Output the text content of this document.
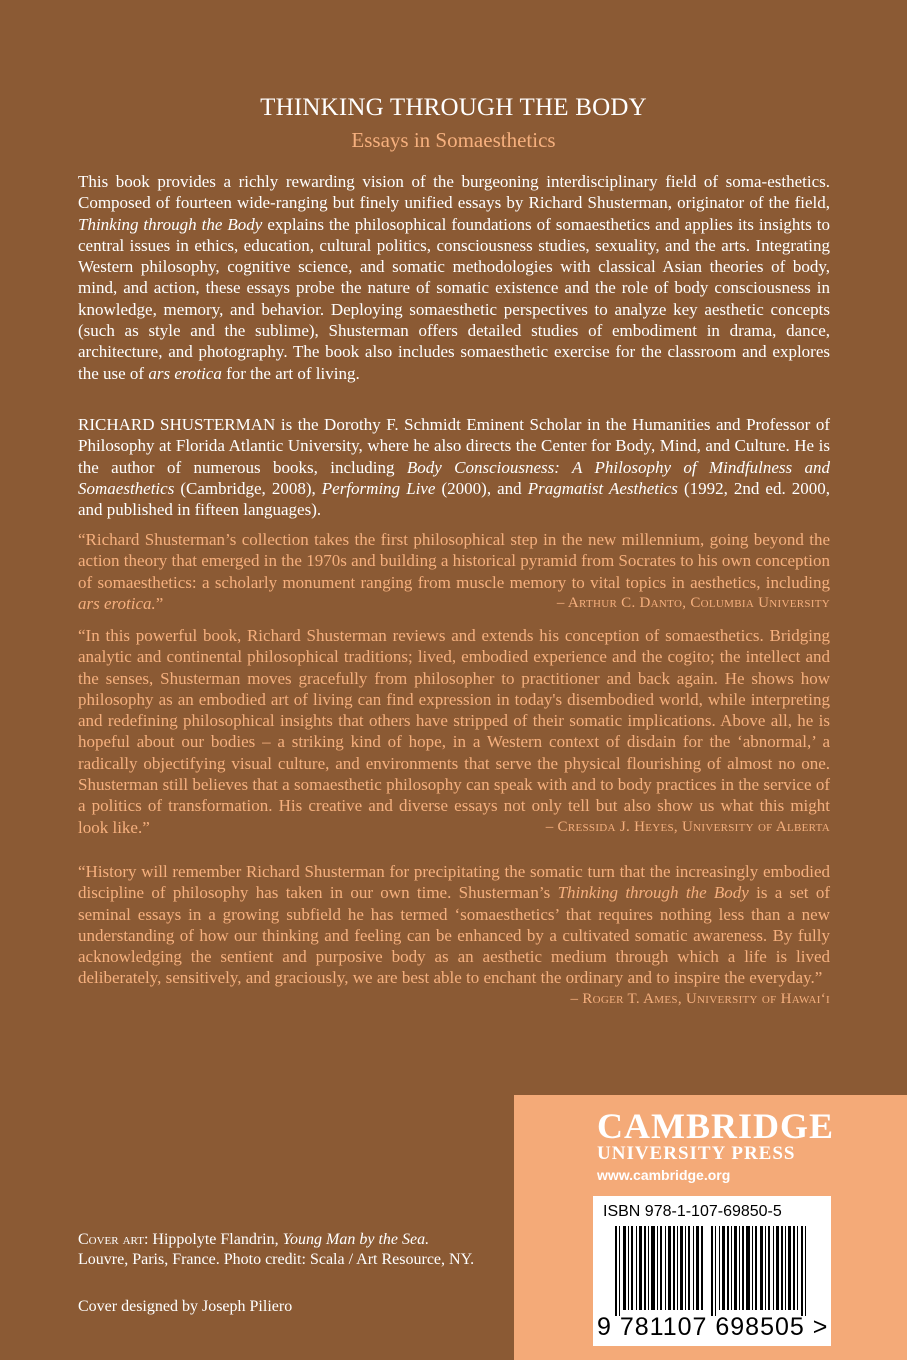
THINKING THROUGH THE BODY
Essays in Somaesthetics

This book provides a richly rewarding vision of the burgeoning interdisciplinary field of soma-esthetics. Composed of fourteen wide-ranging but finely unified essays by Richard Shusterman, originator of the field, Thinking through the Body explains the philosophical foundations of somaesthetics and applies its insights to central issues in ethics, education, cultural politics, consciousness studies, sexuality, and the arts. Integrating Western philosophy, cognitive science, and somatic methodologies with classical Asian theories of body, mind, and action, these essays probe the nature of somatic existence and the role of body consciousness in knowledge, memory, and behavior. Deploying somaesthetic perspectives to analyze key aesthetic concepts (such as style and the sublime), Shusterman offers detailed studies of embodiment in drama, dance, architecture, and photography. The book also includes somaesthetic exercise for the classroom and explores the use of ars erotica for the art of living.

RICHARD SHUSTERMAN is the Dorothy F. Schmidt Eminent Scholar in the Humanities and Professor of Philosophy at Florida Atlantic University, where he also directs the Center for Body, Mind, and Culture. He is the author of numerous books, including Body Consciousness: A Philosophy of Mindfulness and Somaesthetics (Cambridge, 2008), Performing Live (2000), and Pragmatist Aesthetics (1992, 2nd ed. 2000, and published in fifteen languages).

“Richard Shusterman’s collection takes the first philosophical step in the new millennium, going beyond the action theory that emerged in the 1970s and building a historical pyramid from Socrates to his own conception of somaesthetics: a scholarly monument ranging from muscle memory to vital topics in aesthetics, including ars erotica.”	– Arthur C. Danto, Columbia University

“In this powerful book, Richard Shusterman reviews and extends his conception of somaesthetics. Bridging analytic and continental philosophical traditions; lived, embodied experience and the cogito; the intellect and the senses, Shusterman moves gracefully from philosopher to practitioner and back again. He shows how philosophy as an embodied art of living can find expression in today's disembodied world, while interpreting and redefining philosophical insights that others have stripped of their somatic implications. Above all, he is hopeful about our bodies – a striking kind of hope, in a Western context of disdain for the ‘abnormal,’ a radically objectifying visual culture, and environments that serve the physical flourishing of almost no one. Shusterman still believes that a somaesthetic philosophy can speak with and to body practices in the service of a politics of transformation. His creative and diverse essays not only tell but also show us what this might look like.”	– Cressida J. Heyes, University of Alberta

“History will remember Richard Shusterman for precipitating the somatic turn that the increasingly embodied discipline of philosophy has taken in our own time. Shusterman’s Thinking through the Body is a set of seminal essays in a growing subfield he has termed ‘somaesthetics’ that requires nothing less than a new understanding of how our thinking and feeling can be enhanced by a cultivated somatic awareness. By fully acknowledging the sentient and purposive body as an aesthetic medium through which a life is lived deliberately, sensitively, and graciously, we are best able to enchant the ordinary and to inspire the everyday.”
– Roger T. Ames, University of Hawai‘i

CAMBRIDGE
UNIVERSITY PRESS
www.cambridge.org
ISBN 978-1-107-69850-5
9 781107 698505 >
Cover art: Hippolyte Flandrin, Young Man by the Sea. Louvre, Paris, France. Photo credit: Scala / Art Resource, NY.
Cover designed by Joseph Piliero
